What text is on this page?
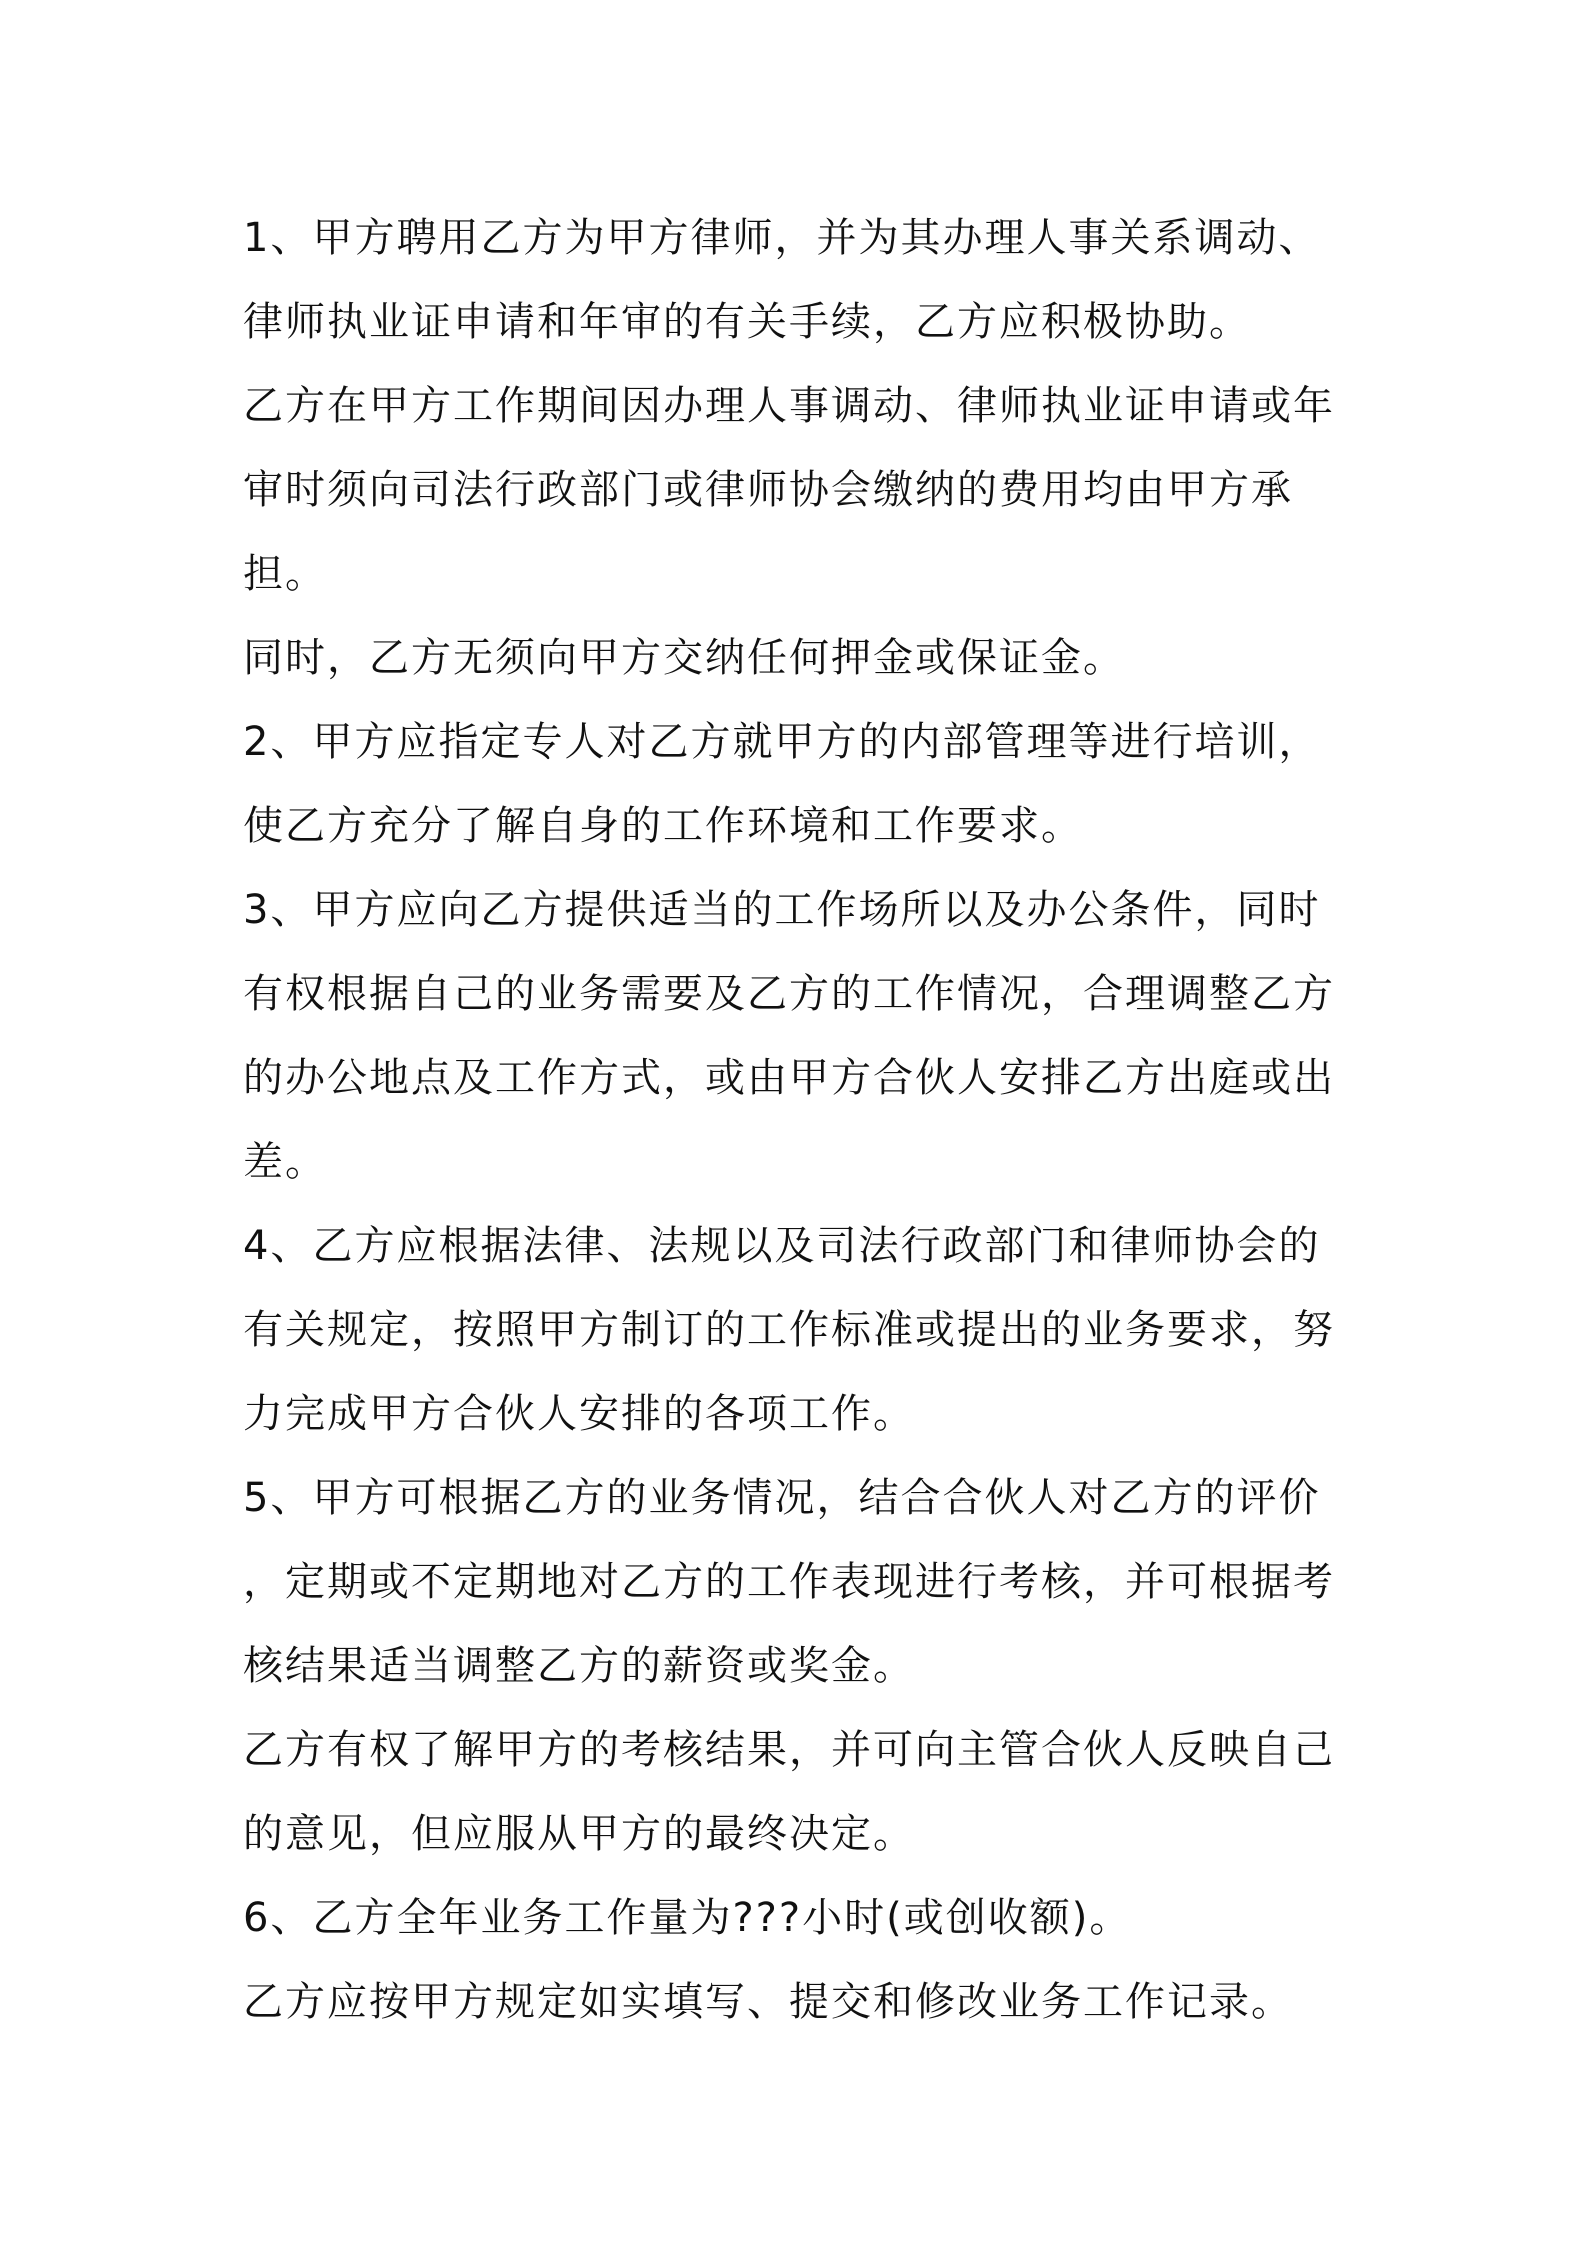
1、甲方聘用乙方为甲方律师，并为其办理人事关系调动、

律师执业证申请和年审的有关手续，乙方应积极协助。

乙方在甲方工作期间因办理人事调动、律师执业证申请或年

审时须向司法行政部门或律师协会缴纳的费用均由甲方承

担。

同时，乙方无须向甲方交纳任何押金或保证金。

2、甲方应指定专人对乙方就甲方的内部管理等进行培训，

使乙方充分了解自身的工作环境和工作要求。

3、甲方应向乙方提供适当的工作场所以及办公条件，同时

有权根据自己的业务需要及乙方的工作情况，合理调整乙方

的办公地点及工作方式，或由甲方合伙人安排乙方出庭或出

差。

4、乙方应根据法律、法规以及司法行政部门和律师协会的

有关规定，按照甲方制订的工作标准或提出的业务要求，努

力完成甲方合伙人安排的各项工作。

5、甲方可根据乙方的业务情况，结合合伙人对乙方的评价

，定期或不定期地对乙方的工作表现进行考核，并可根据考

核结果适当调整乙方的薪资或奖金。

乙方有权了解甲方的考核结果，并可向主管合伙人反映自己

的意见，但应服从甲方的最终决定。

6、乙方全年业务工作量为???小时(或创收额)。

乙方应按甲方规定如实填写、提交和修改业务工作记录。
